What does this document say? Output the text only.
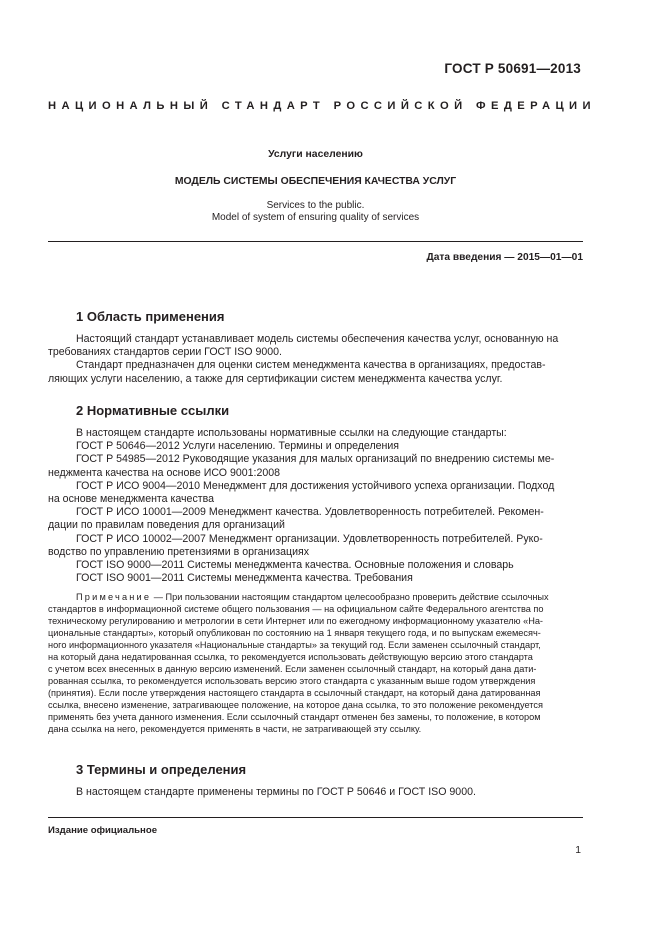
ГОСТ Р 50691—2013
НАЦИОНАЛЬНЫЙ СТАНДАРТ РОССИЙСКОЙ ФЕДЕРАЦИИ
Услуги населению
МОДЕЛЬ СИСТЕМЫ ОБЕСПЕЧЕНИЯ КАЧЕСТВА УСЛУГ
Services to the public.
Model of system of ensuring quality of services
Дата введения — 2015—01—01
1 Область применения

Настоящий стандарт устанавливает модель системы обеспечения качества услуг, основанную на
требованиях стандартов серии ГОСТ ISO 9000.

Стандарт предназначен для оценки систем менеджмента качества в организациях, предостав-
ляющих услуги населению, а также для сертификации систем менеджмента качества услуг.

2 Нормативные ссылки
В настоящем стандарте использованы нормативные ссылки на следующие стандарты:
ГОСТ Р 50646—2012 Услуги населению. Термины и определения
ГОСТ Р 54985—2012 Руководящие указания для малых организаций по внедрению системы ме-
неджмента качества на основе ИСО 9001:2008
ГОСТ Р ИСО 9004—2010 Менеджмент для достижения устойчивого успеха организации. Подход
на основе менеджмента качества
ГОСТ Р ИСО 10001—2009 Менеджмент качества. Удовлетворенность потребителей. Рекомен-
дации по правилам поведения для организаций
ГОСТ Р ИСО 10002—2007 Менеджмент организации. Удовлетворенность потребителей. Руко-
водство по управлению претензиями в организациях
ГОСТ ISO 9000—2011 Системы менеджмента качества. Основные положения и словарь
ГОСТ ISO 9001—2011 Системы менеджмента качества. Требования
Примечание — При пользовании настоящим стандартом целесообразно проверить действие ссылочных
стандартов в информационной системе общего пользования — на официальном сайте Федерального агентства по
техническому регулированию и метрологии в сети Интернет или по ежегодному информационному указателю «На-
циональные стандарты», который опубликован по состоянию на 1 января текущего года, и по выпускам ежемесяч-
ного информационного указателя «Национальные стандарты» за текущий год. Если заменен ссылочный стандарт,
на который дана недатированная ссылка, то рекомендуется использовать действующую версию этого стандарта
с учетом всех внесенных в данную версию изменений. Если заменен ссылочный стандарт, на который дана дати-
рованная ссылка, то рекомендуется использовать версию этого стандарта с указанным выше годом утверждения
(принятия). Если после утверждения настоящего стандарта в ссылочный стандарт, на который дана датированная
ссылка, внесено изменение, затрагивающее положение, на которое дана ссылка, то это положение рекомендуется
применять без учета данного изменения. Если ссылочный стандарт отменен без замены, то положение, в котором
дана ссылка на него, рекомендуется применять в части, не затрагивающей эту ссылку.
3 Термины и определения
В настоящем стандарте применены термины по ГОСТ Р 50646 и ГОСТ ISO 9000.
Издание официальное
1
